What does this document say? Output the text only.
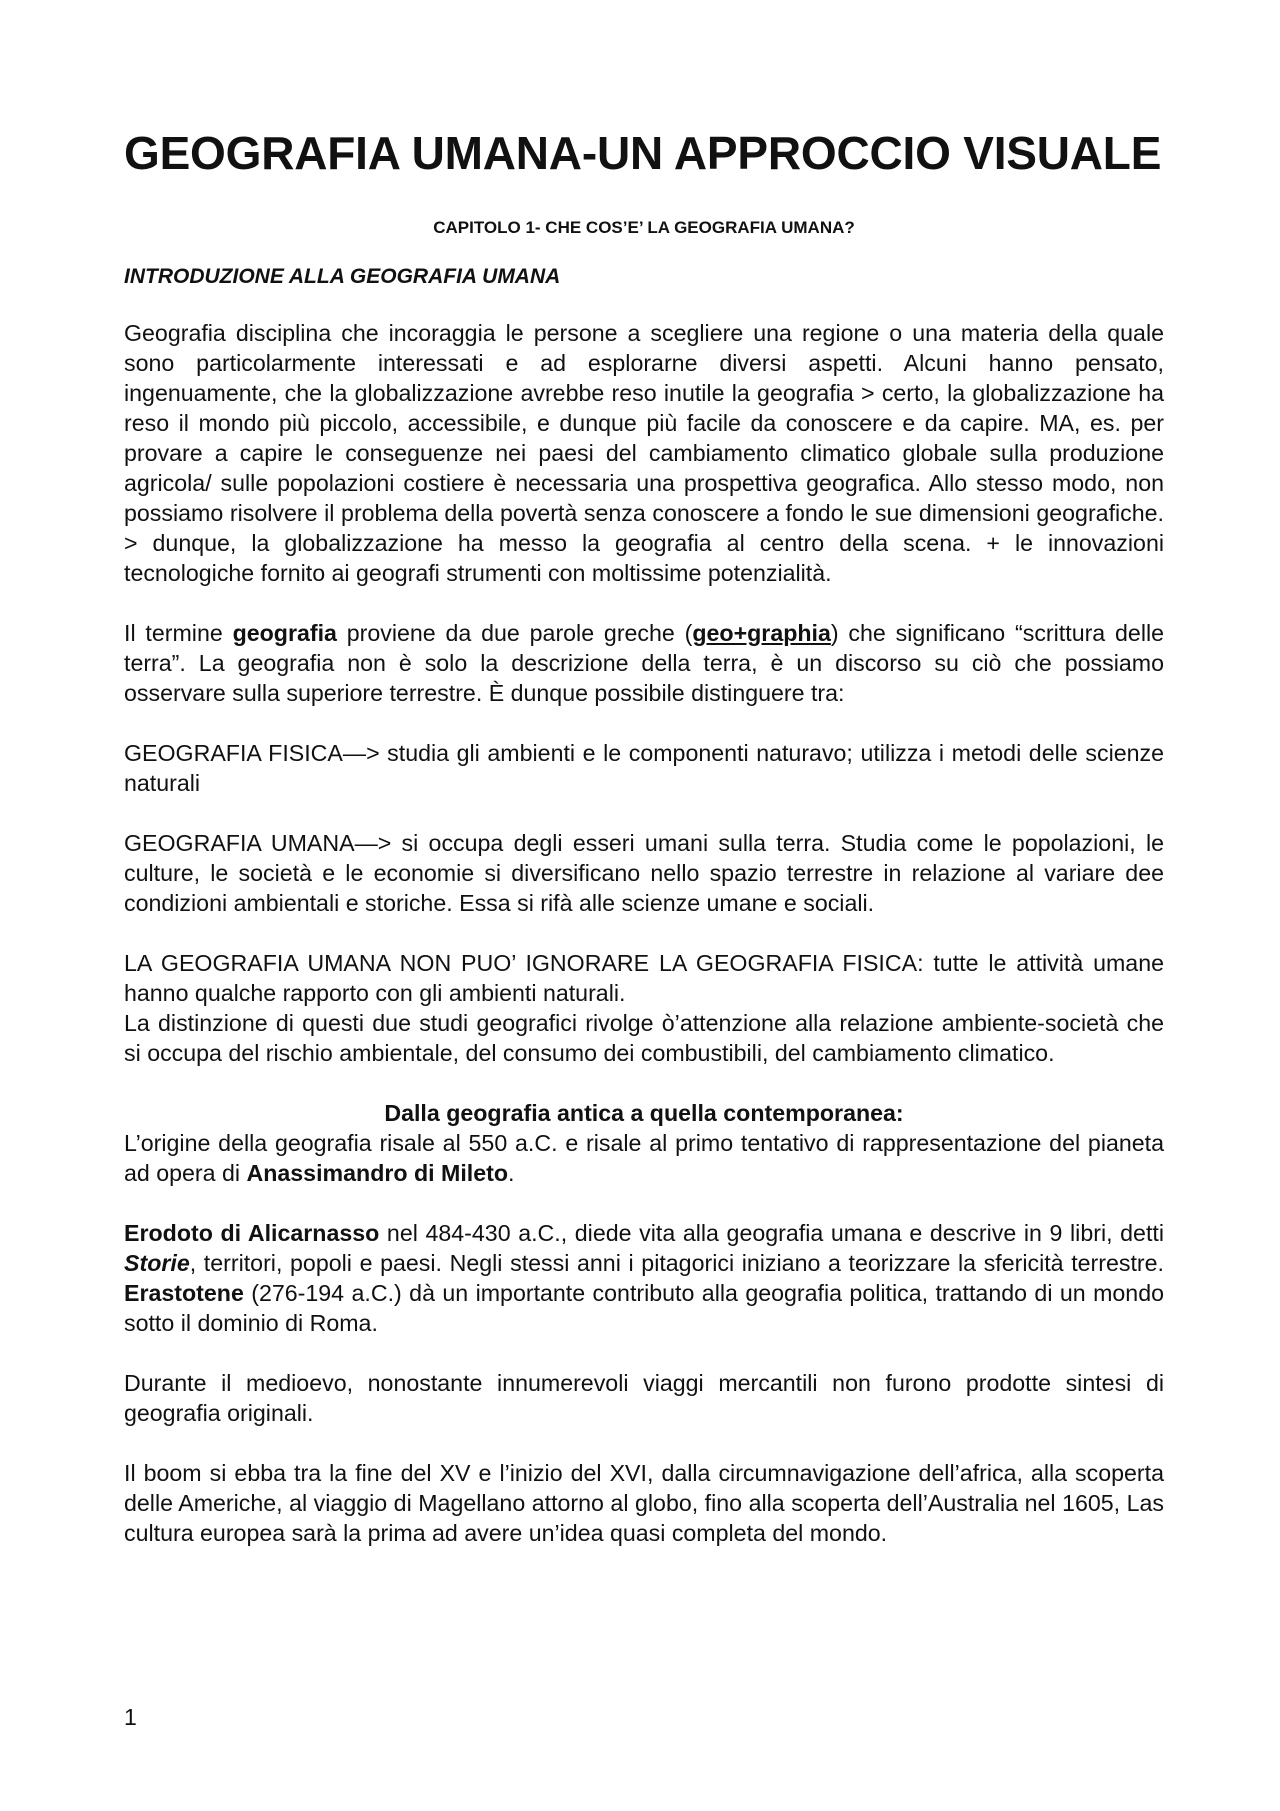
GEOGRAFIA UMANA-UN APPROCCIO VISUALE
CAPITOLO 1- CHE COS’E’ LA GEOGRAFIA UMANA?
INTRODUZIONE ALLA GEOGRAFIA UMANA

Geografia disciplina che incoraggia le persone a scegliere una regione o una materia della quale sono particolarmente interessati e ad esplorarne diversi aspetti. Alcuni hanno pensato, ingenuamente, che la globalizzazione avrebbe reso inutile la geografia > certo, la globalizzazione ha reso il mondo più piccolo, accessibile, e dunque più facile da conoscere e da capire. MA, es. per provare a capire le conseguenze nei paesi del cambiamento climatico globale sulla produzione agricola/ sulle popolazioni costiere è necessaria una prospettiva geografica. Allo stesso modo, non possiamo risolvere il problema della povertà senza conoscere a fondo le sue dimensioni geografiche. > dunque, la globalizzazione ha messo la geografia al centro della scena. + le innovazioni tecnologiche fornito ai geografi strumenti con moltissime potenzialità.

Il termine geografia proviene da due parole greche (geo+graphia) che significano “scrittura delle terra”. La geografia non è solo la descrizione della terra, è un discorso su ciò che possiamo osservare sulla superiore terrestre. È dunque possibile distinguere tra:

GEOGRAFIA FISICA—> studia gli ambienti e le componenti naturavo; utilizza i metodi delle scienze naturali

GEOGRAFIA UMANA—> si occupa degli esseri umani sulla terra. Studia come le popolazioni, le culture, le società e le economie si diversificano nello spazio terrestre in relazione al variare dee condizioni ambientali e storiche. Essa si rifà alle scienze umane e sociali.

LA GEOGRAFIA UMANA NON PUO’ IGNORARE LA GEOGRAFIA FISICA: tutte le attività umane hanno qualche rapporto con gli ambienti naturali.

La distinzione di questi due studi geografici rivolge ò’attenzione alla relazione ambiente-società che si occupa del rischio ambientale, del consumo dei combustibili, del cambiamento climatico.

Dalla geografia antica a quella contemporanea:

L’origine della geografia risale al 550 a.C. e risale al primo tentativo di rappresentazione del pianeta ad opera di Anassimandro di Mileto.

Erodoto di Alicarnasso nel 484-430 a.C., diede vita alla geografia umana e descrive in 9 libri, detti Storie, territori, popoli e paesi. Negli stessi anni i pitagorici iniziano a teorizzare la sfericità terrestre. Erastotene (276-194 a.C.) dà un importante contributo alla geografia politica, trattando di un mondo sotto il dominio di Roma.

Durante il medioevo, nonostante innumerevoli viaggi mercantili non furono prodotte sintesi di geografia originali.

Il boom si ebba tra la fine del XV e l’inizio del XVI, dalla circumnavigazione dell’africa, alla scoperta delle Americhe, al viaggio di Magellano attorno al globo, fino alla scoperta dell’Australia nel 1605, Las cultura europea sarà la prima ad avere un’idea quasi completa del mondo.

1
